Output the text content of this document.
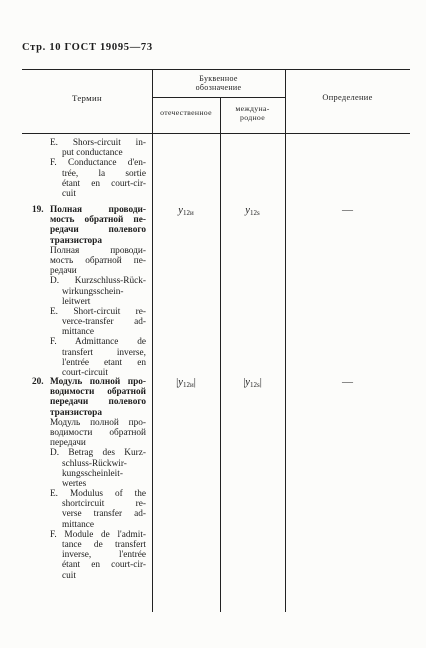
Стр. 10 ГОСТ 19095—73
Термин
Буквенное
обозначение
отечественное	междуна-
родное
Определение
E. Shors-circuit in-
put conductance
F. Conductance d'en-
trée, la sortie
étant en court-cir-
cuit
19. Полная проводи-
мость обратной пе-
редачи полевого
транзистора
Полная проводи-
мость обратной пе-
редачи
D. Kurzschluss-Rück-
wirkungsschein-
leitwert
E. Short-circuit re-
verce-transfer ad-
mittance
F. Admittance de
transfert inverse,
l'entrée etant en
court-circuit
$y_{12и}$	$y_{12s}$	—
20. Модуль полной про-
водимости обратной
передачи полевого
транзистора
Модуль полной про-
водимости обратной
передачи
D. Betrag des Kurz-
schluss-Rückwir-
kungsscheinleit-
wertes
E. Modulus of the
shortcircuit re-
verse transfer ad-
mittance
F. Module de l'admit-
tance de transfert
inverse, l'entrée
étant en court-cir-
cuit
$|y_{12и}|$	$|y_{12s}|$	—
